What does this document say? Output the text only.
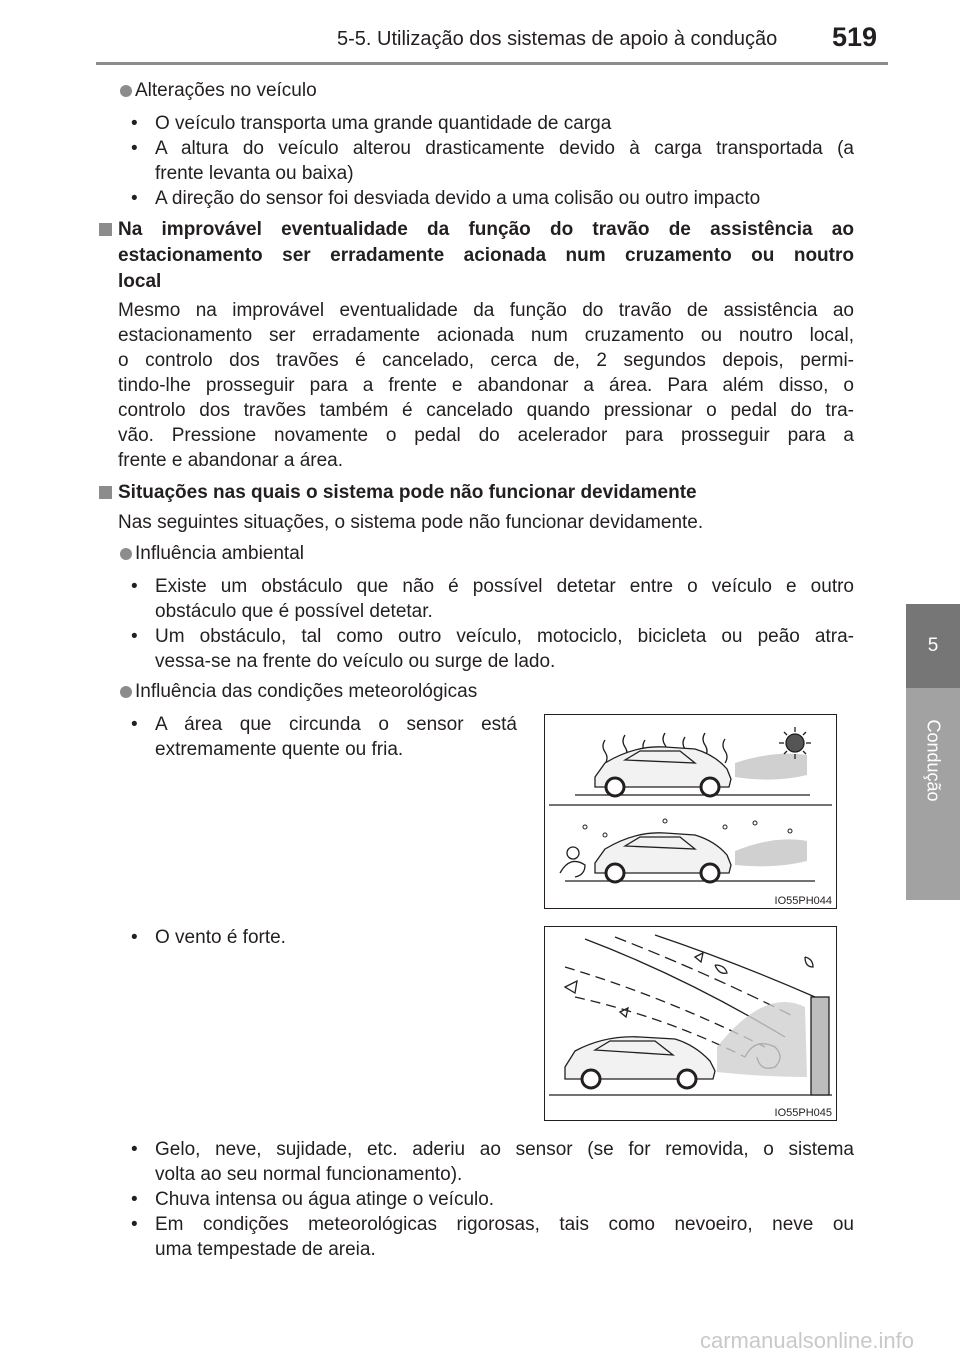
5-5. Utilização dos sistemas de apoio à condução 519
5
Condução
Alterações no veículo
• O veículo transporta uma grande quantidade de carga
• A altura do veículo alterou drasticamente devido à carga transportada (a
frente levanta ou baixa)
• A direção do sensor foi desviada devido a uma colisão ou outro impacto
Na improvável eventualidade da função do travão de assistência ao
estacionamento ser erradamente acionada num cruzamento ou noutro
local
Mesmo na improvável eventualidade da função do travão de assistência ao
estacionamento ser erradamente acionada num cruzamento ou noutro local,
o controlo dos travões é cancelado, cerca de, 2 segundos depois, permi-
tindo-lhe prosseguir para a frente e abandonar a área. Para além disso, o
controlo dos travões também é cancelado quando pressionar o pedal do tra-
vão. Pressione novamente o pedal do acelerador para prosseguir para a
frente e abandonar a área.
Situações nas quais o sistema pode não funcionar devidamente
Nas seguintes situações, o sistema pode não funcionar devidamente.
Influência ambiental
• Existe um obstáculo que não é possível detetar entre o veículo e outro
obstáculo que é possível detetar.
• Um obstáculo, tal como outro veículo, motociclo, bicicleta ou peão atra-
vessa-se na frente do veículo ou surge de lado.
Influência das condições meteorológicas
• A área que circunda o sensor está
extremamente quente ou fria.
IO55PH044
• O vento é forte.
IO55PH045
• Gelo, neve, sujidade, etc. aderiu ao sensor (se for removida, o sistema
volta ao seu normal funcionamento).
• Chuva intensa ou água atinge o veículo.
• Em condições meteorológicas rigorosas, tais como nevoeiro, neve ou
uma tempestade de areia.
carmanualsonline.info
